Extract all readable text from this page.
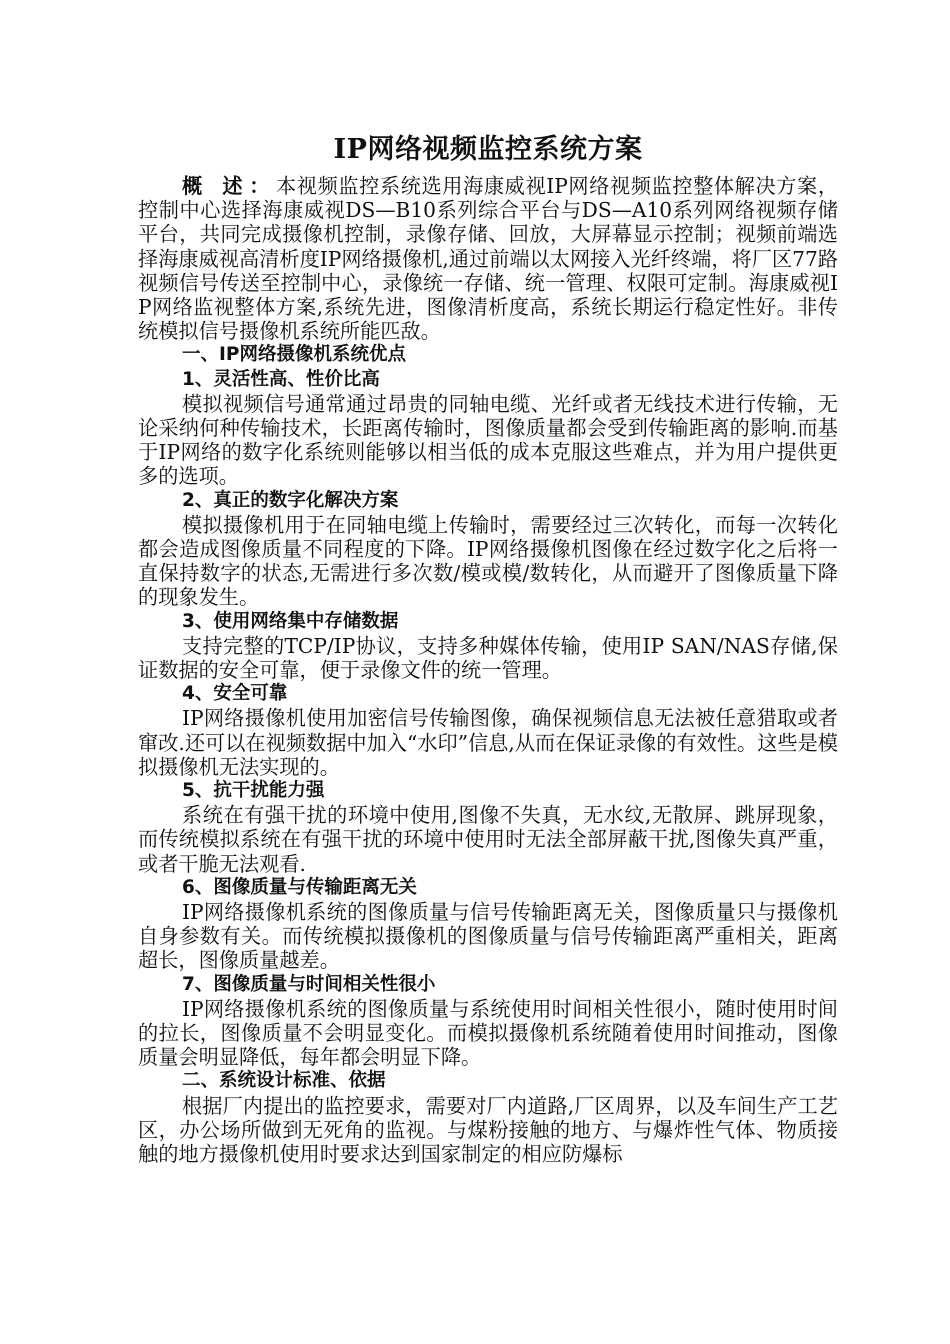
IP网络视频监控系统方案

概 述：本视频监控系统选用海康威视IP网络视频监控整体解决方案，控制中心选择海康威视DS—B10系列综合平台与DS—A10系列网络视频存储平台，共同完成摄像机控制，录像存储、回放，大屏幕显示控制；视频前端选择海康威视高清析度IP网络摄像机,通过前端以太网接入光纤终端，将厂区77路视频信号传送至控制中心，录像统一存储、统一管理、权限可定制。海康威视IP网络监视整体方案,系统先进，图像清析度高，系统长期运行稳定性好。非传统模拟信号摄像机系统所能匹敌。

一、IP网络摄像机系统优点
1、灵活性高、性价比高

模拟视频信号通常通过昂贵的同轴电缆、光纤或者无线技术进行传输，无论采纳何种传输技术，长距离传输时，图像质量都会受到传输距离的影响.而基于IP网络的数字化系统则能够以相当低的成本克服这些难点，并为用户提供更多的选项。

2、真正的数字化解决方案

模拟摄像机用于在同轴电缆上传输时，需要经过三次转化，而每一次转化都会造成图像质量不同程度的下降。IP网络摄像机图像在经过数字化之后将一直保持数字的状态,无需进行多次数/模或模/数转化，从而避开了图像质量下降的现象发生。

3、使用网络集中存储数据

支持完整的TCP/IP协议，支持多种媒体传输，使用IP SAN/NAS存储,保证数据的安全可靠，便于录像文件的统一管理。

4、安全可靠

IP网络摄像机使用加密信号传输图像，确保视频信息无法被任意猎取或者窜改.还可以在视频数据中加入“水印”信息,从而在保证录像的有效性。这些是模拟摄像机无法实现的。

5、抗干扰能力强

系统在有强干扰的环境中使用,图像不失真，无水纹,无散屏、跳屏现象，而传统模拟系统在有强干扰的环境中使用时无法全部屏蔽干扰,图像失真严重，或者干脆无法观看.

6、图像质量与传输距离无关

IP网络摄像机系统的图像质量与信号传输距离无关，图像质量只与摄像机自身参数有关。而传统模拟摄像机的图像质量与信号传输距离严重相关，距离超长，图像质量越差。

7、图像质量与时间相关性很小

IP网络摄像机系统的图像质量与系统使用时间相关性很小，随时使用时间的拉长，图像质量不会明显变化。而模拟摄像机系统随着使用时间推动，图像质量会明显降低，每年都会明显下降。

二、系统设计标准、依据

根据厂内提出的监控要求，需要对厂内道路,厂区周界，以及车间生产工艺区，办公场所做到无死角的监视。与煤粉接触的地方、与爆炸性气体、物质接触的地方摄像机使用时要求达到国家制定的相应防爆标
